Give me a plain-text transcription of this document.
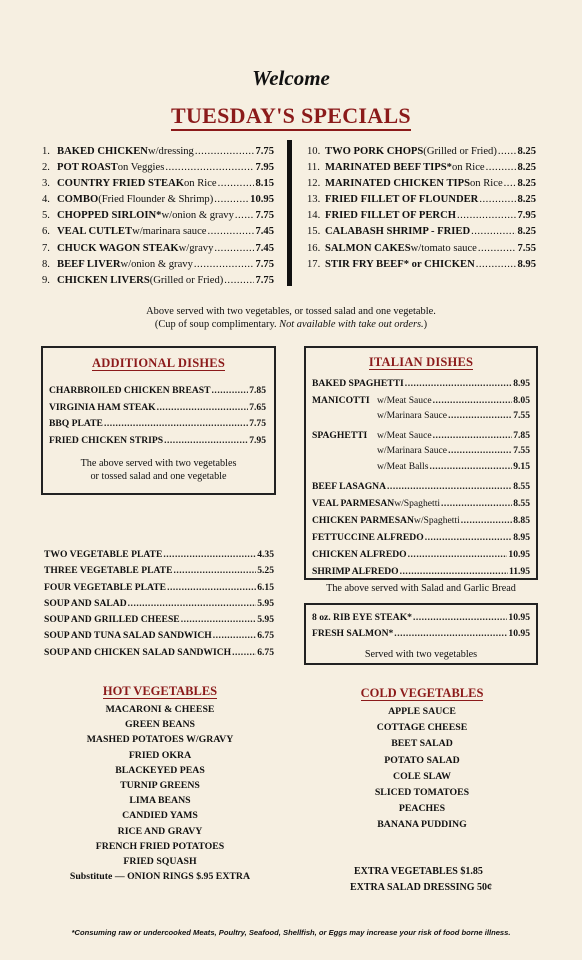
Welcome
TUESDAY'S SPECIALS
1. BAKED CHICKEN w/dressing .....	7.75
2. POT ROAST on Veggies .....	7.95
3. COUNTRY FRIED STEAK on Rice .....	8.15
4. COMBO (Fried Flounder & Shrimp) .....	10.95
5. CHOPPED SIRLOIN* w/onion & gravy ..... 7.75
6. VEAL CUTLET w/marinara sauce .....	7.45
7. CHUCK WAGON STEAK w/gravy .....	7.45
8. BEEF LIVER w/onion & gravy .....	7.75
9. CHICKEN LIVERS (Grilled or Fried) .....	7.75
10. TWO PORK CHOPS (Grilled or Fried) ..... 8.25
11. MARINATED BEEF TIPS* on Rice .....	8.25
12. MARINATED CHICKEN TIPS on Rice ..... 8.25
13. FRIED FILLET OF FLOUNDER .....	8.25
14. FRIED FILLET OF PERCH .....	7.95
15. CALABASH SHRIMP - FRIED .....	8.25
16. SALMON CAKES w/tomato sauce .....	7.55
17. STIR FRY BEEF* or CHICKEN .....	8.95
Above served with two vegetables, or tossed salad and one vegetable.
(Cup of soup complimentary. Not available with take out orders.)
ADDITIONAL DISHES
CHARBROILED CHICKEN BREAST .....	7.85
VIRGINIA HAM STEAK .....	7.65
BBQ PLATE .....	7.75
FRIED CHICKEN STRIPS .....	7.95
The above served with two vegetables
or tossed salad and one vegetable
ITALIAN DISHES
BAKED SPAGHETTI .....	8.95
MANICOTTI w/Meat Sauce .....	8.05
w/Marinara Sauce .....	7.55
SPAGHETTI	w/Meat Sauce .....	7.85
w/Marinara Sauce .....	7.55
w/Meat Balls .....	9.15
BEEF LASAGNA .....	8.55
VEAL PARMESAN w/Spaghetti .....	8.55
CHICKEN PARMESAN w/Spaghetti .....	8.85
FETTUCCINE ALFREDO .....	8.95
CHICKEN ALFREDO .....	10.95
SHRIMP ALFREDO .....	11.95
The above served with Salad and Garlic Bread
TWO VEGETABLE PLATE .....	4.35
THREE VEGETABLE PLATE .....	5.25
FOUR VEGETABLE PLATE .....	6.15
SOUP AND SALAD .....	5.95
SOUP AND GRILLED CHEESE .....	5.95
SOUP AND TUNA SALAD SANDWICH .....	6.75
SOUP AND CHICKEN SALAD SANDWICH .....	6.75
8 oz. RIB EYE STEAK* .....	10.95
FRESH SALMON* .....	10.95
Served with two vegetables
HOT VEGETABLES
MACARONI & CHEESE
GREEN BEANS
MASHED POTATOES W/GRAVY
FRIED OKRA
BLACKEYED PEAS
TURNIP GREENS
LIMA BEANS
CANDIED YAMS
RICE AND GRAVY
FRENCH FRIED POTATOES
FRIED SQUASH
Substitute — ONION RINGS $.95 EXTRA
COLD VEGETABLES
APPLE SAUCE
COTTAGE CHEESE
BEET SALAD
POTATO SALAD
COLE SLAW
SLICED TOMATOES
PEACHES
BANANA PUDDING
EXTRA VEGETABLES $1.85
EXTRA SALAD DRESSING 50¢
*Consuming raw or undercooked Meats, Poultry, Seafood, Shellfish, or Eggs may increase your risk of food borne illness.
